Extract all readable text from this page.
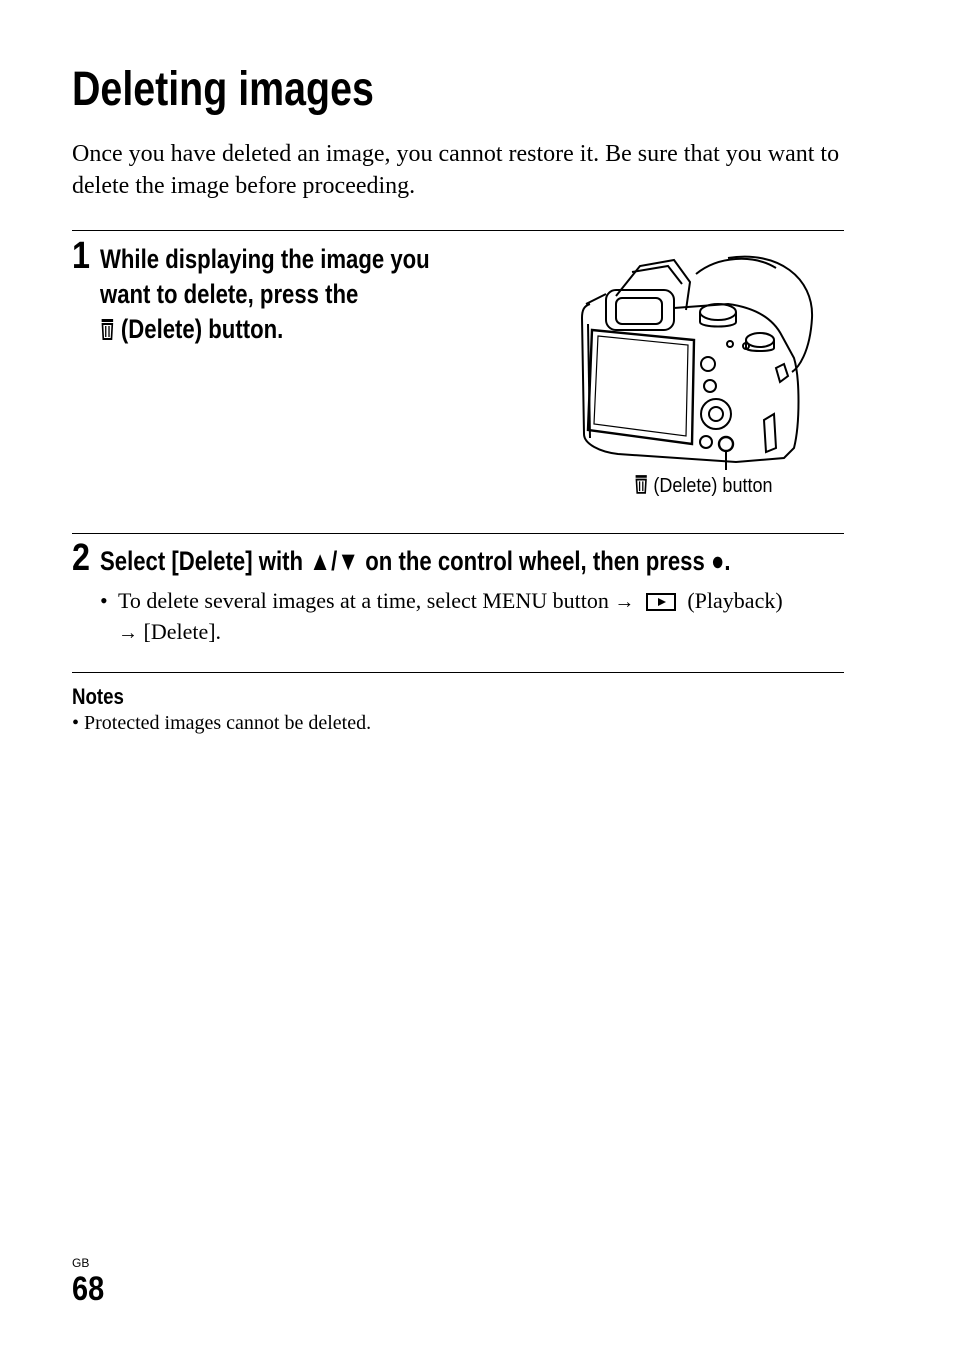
Deleting images
Once you have deleted an image, you cannot restore it. Be sure that you want to delete the image before proceeding.
1 While displaying the image you
want to delete, press the
(Delete) button.
(Delete) button
2 Select [Delete] with ▲/▼ on the control wheel, then press ●.
• To delete several images at a time, select MENU button → (Playback)
→ [Delete].
Notes
• Protected images cannot be deleted.
GB
68
